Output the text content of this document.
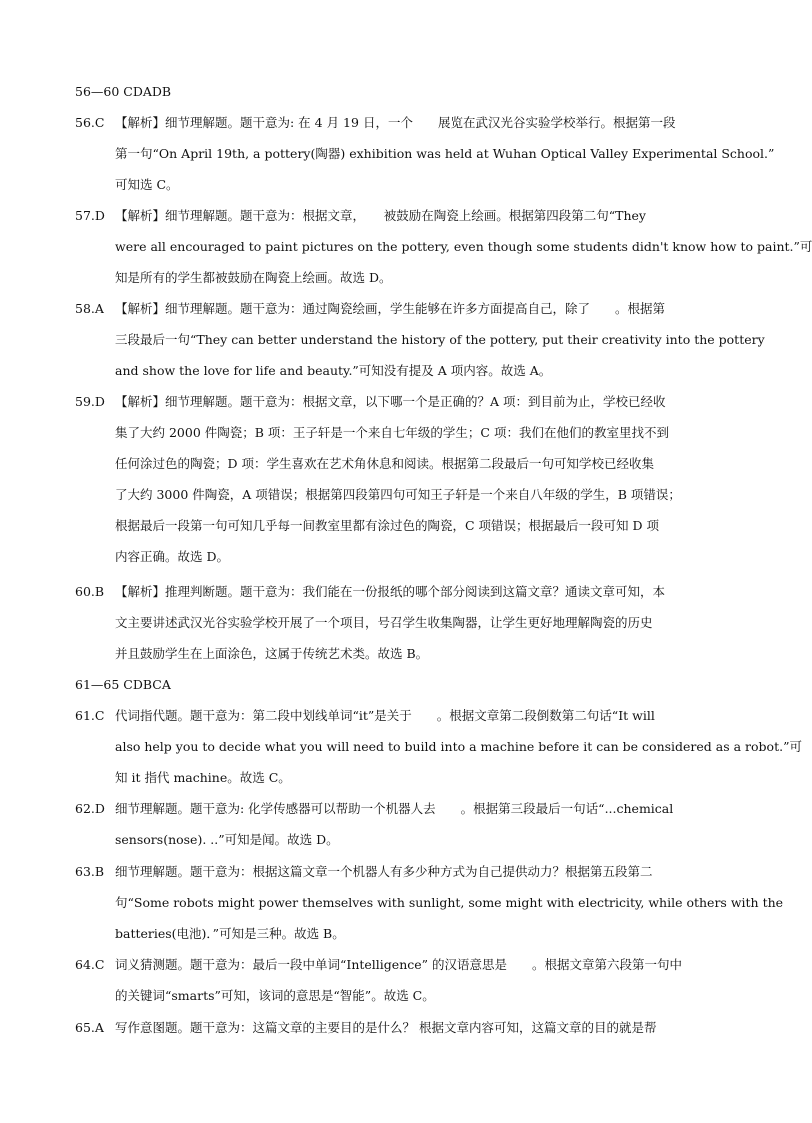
56—60 CDADB
56.C 【解析】细节理解题。题干意为: 在 4 月 19 日，一个　　展览在武汉光谷实验学校举行。根据第一段
第一句“On April 19th, a pottery(陶器) exhibition was held at Wuhan Optical Valley Experimental School.”
可知选 C。
57.D 【解析】细节理解题。题干意为：根据文章，　　被鼓励在陶瓷上绘画。根据第四段第二句“They
were all encouraged to paint pictures on the pottery, even though some students didn't know how to paint.”可
知是所有的学生都被鼓励在陶瓷上绘画。故选 D。
58.A 【解析】细节理解题。题干意为：通过陶瓷绘画，学生能够在许多方面提高自己，除了　　。根据第
三段最后一句“They can better understand the history of the pottery, put their creativity into the pottery
and show the love for life and beauty.”可知没有提及 A 项内容。故选 A。
59.D 【解析】细节理解题。题干意为：根据文章，以下哪一个是正确的？A 项：到目前为止，学校已经收
集了大约 2000 件陶瓷；B 项：王子轩是一个来自七年级的学生；C 项：我们在他们的教室里找不到
任何涂过色的陶瓷；D 项：学生喜欢在艺术角休息和阅读。根据第二段最后一句可知学校已经收集
了大约 3000 件陶瓷，A 项错误；根据第四段第四句可知王子轩是一个来自八年级的学生，B 项错误；
根据最后一段第一句可知几乎每一间教室里都有涂过色的陶瓷，C 项错误；根据最后一段可知 D 项
内容正确。故选 D。
60.B 【解析】推理判断题。题干意为：我们能在一份报纸的哪个部分阅读到这篇文章？通读文章可知，本
文主要讲述武汉光谷实验学校开展了一个项目，号召学生收集陶器，让学生更好地理解陶瓷的历史
并且鼓励学生在上面涂色，这属于传统艺术类。故选 B。
61—65 CDBCA
61.C 代词指代题。题干意为：第二段中划线单词“it”是关于　　。根据文章第二段倒数第二句话“It will
also help you to decide what you will need to build into a machine before it can be considered as a robot.”可
知 it 指代 machine。故选 C。
62.D 细节理解题。题干意为: 化学传感器可以帮助一个机器人去　　。根据第三段最后一句话“...chemical
sensors(nose). ..”可知是闻。故选 D。
63.B 细节理解题。题干意为：根据这篇文章一个机器人有多少种方式为自己提供动力？根据第五段第二
句“Some robots might power themselves with sunlight, some might with electricity, while others with the
batteries(电池)．”可知是三种。故选 B。
64.C 词义猜测题。题干意为：最后一段中单词“Intelligence” 的汉语意思是　　。根据文章第六段第一句中
的关键词“smarts”可知，该词的意思是“智能”。故选 C。
65.A 写作意图题。题干意为：这篇文章的主要目的是什么？ 根据文章内容可知，这篇文章的目的就是帮
